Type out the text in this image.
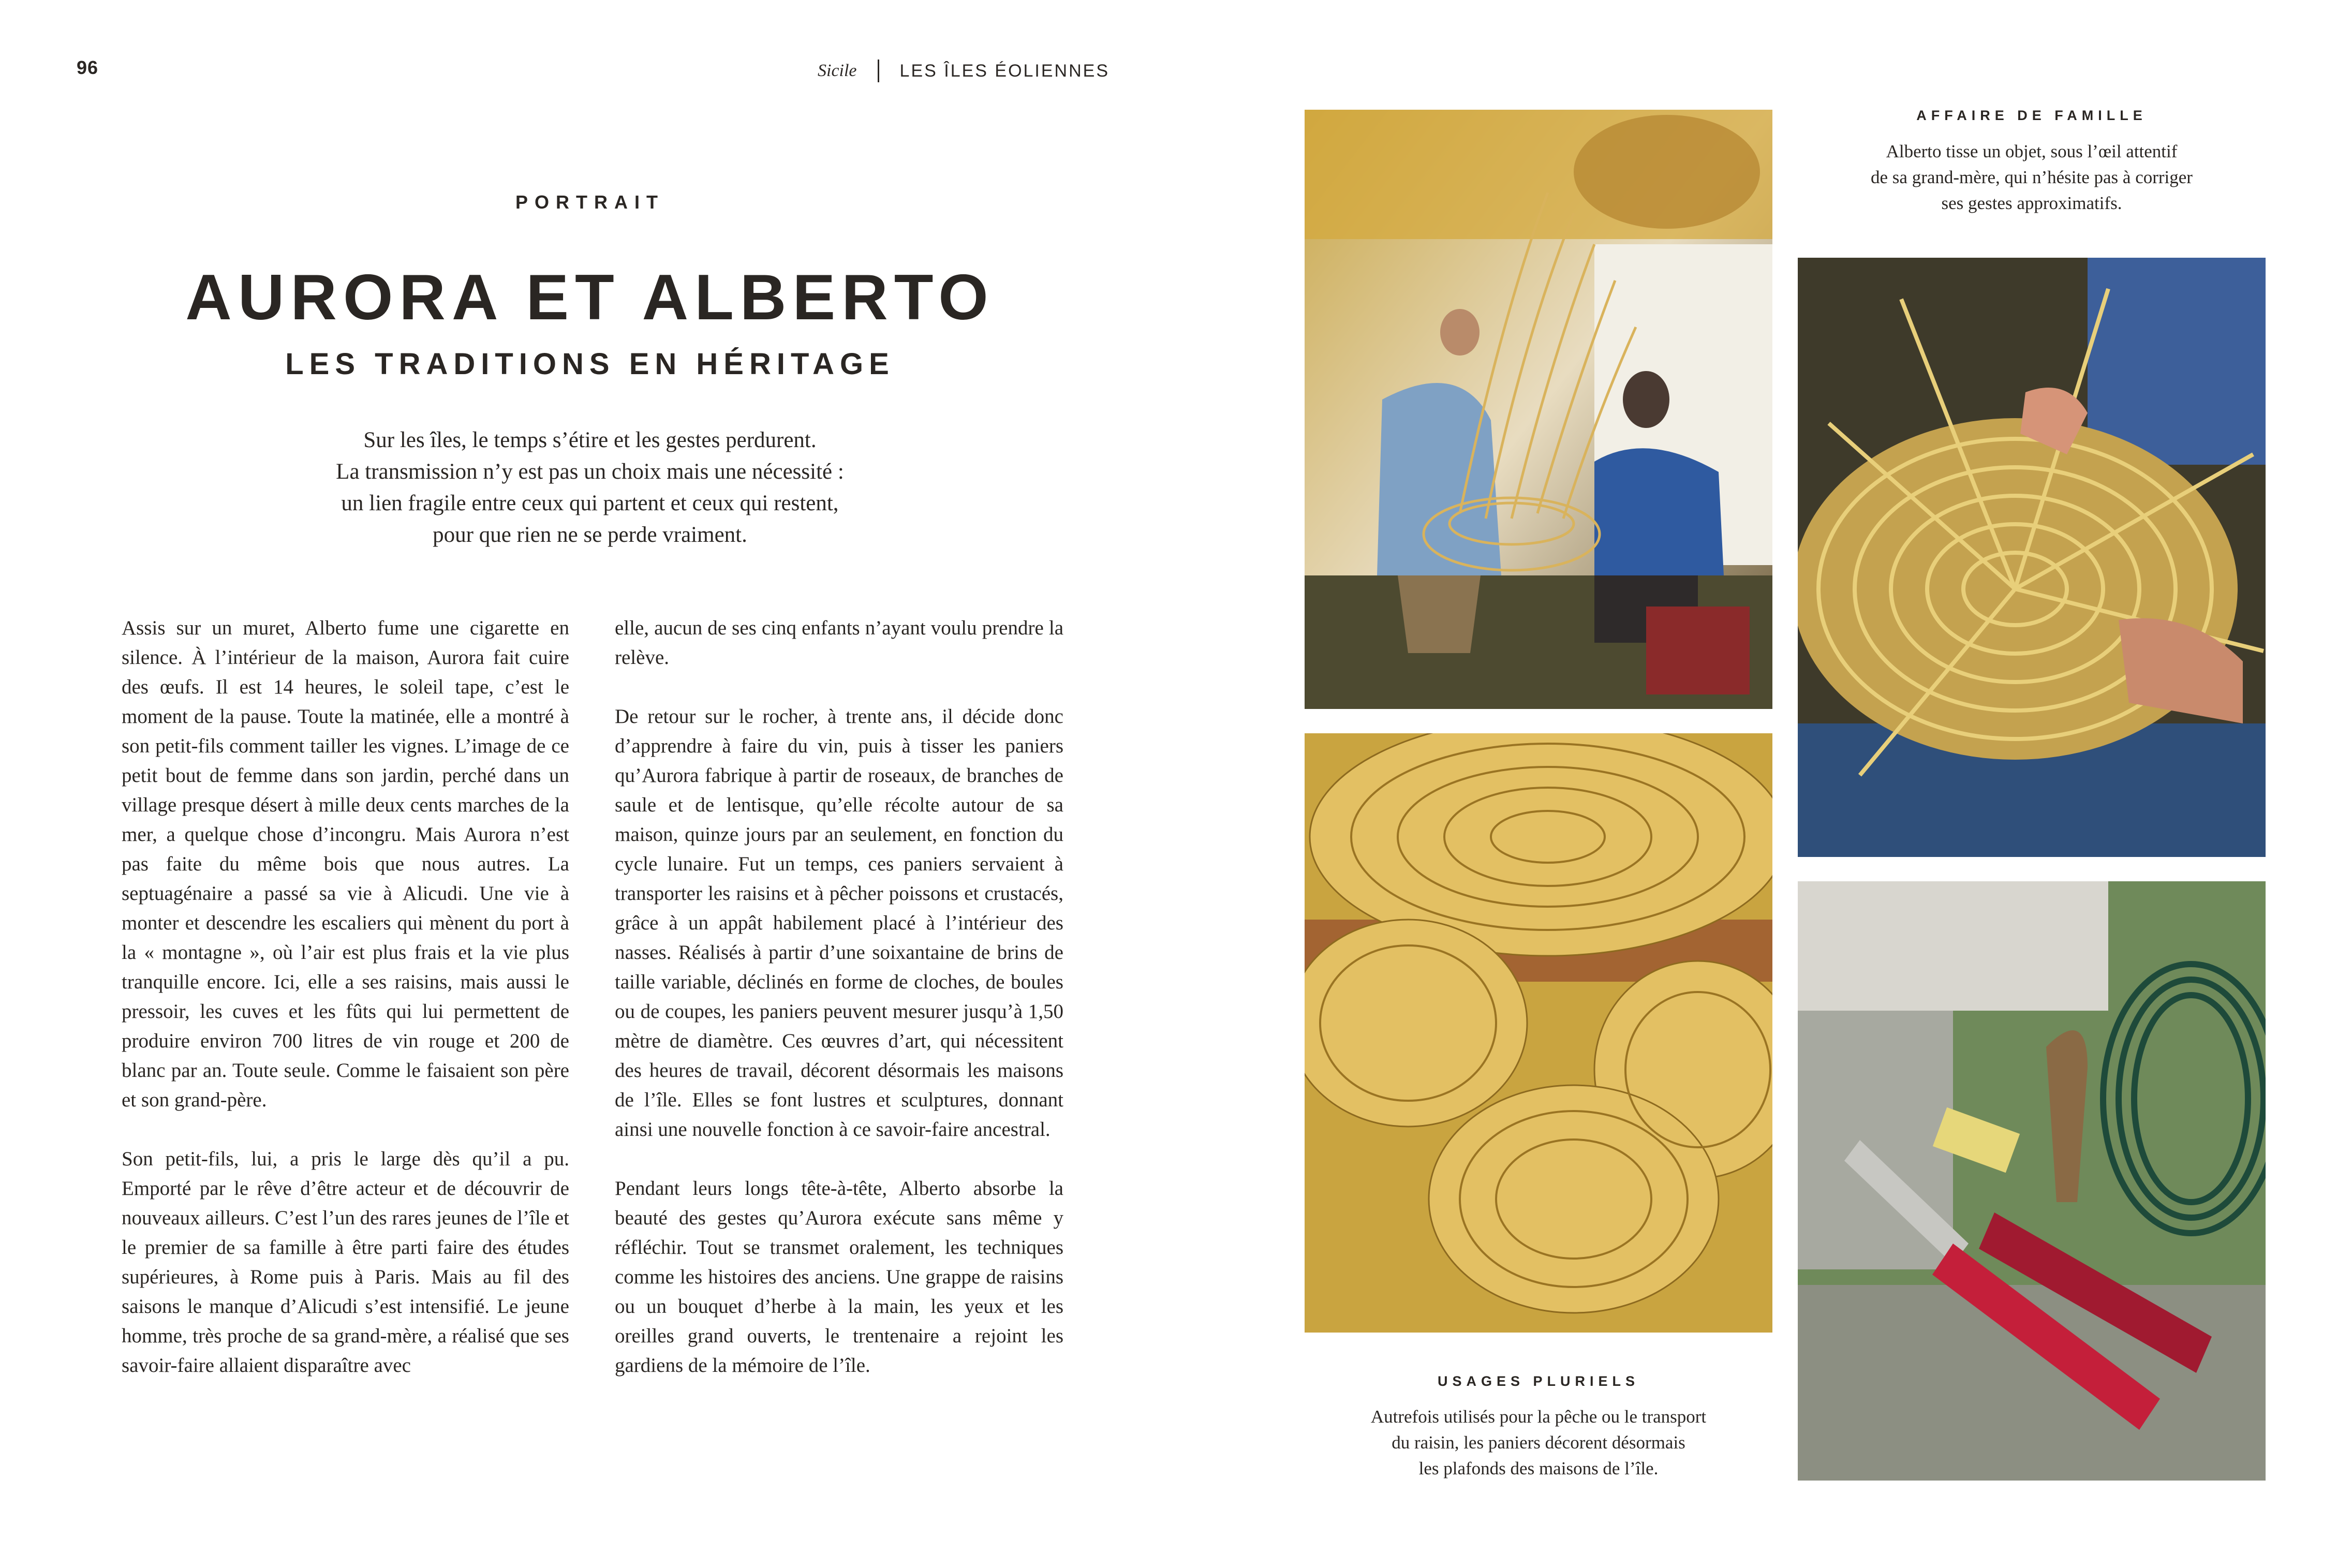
96	Sicile LES ÎLES ÉOLIENNES
PORTRAIT
AURORA ET ALBERTO
LES TRADITIONS EN HÉRITAGE
Sur les îles, le temps s’étire et les gestes perdurent.
La transmission n’y est pas un choix mais une nécessité :
un lien fragile entre ceux qui partent et ceux qui restent,
pour que rien ne se perde vraiment.

Assis sur un muret, Alberto fume une cigarette en silence. À l’intérieur de la maison, Aurora fait cuire des œufs. Il est 14 heures, le soleil tape, c’est le moment de la pause. Toute la matinée, elle a montré à son petit-fils comment tailler les vignes. L’image de ce petit bout de femme dans son jardin, perché dans un village presque désert à mille deux cents marches de la mer, a quelque chose d’incongru. Mais Aurora n’est pas faite du même bois que nous autres. La septuagénaire a passé sa vie à Alicudi. Une vie à monter et descendre les escaliers qui mènent du port à la « montagne », où l’air est plus frais et la vie plus tranquille encore. Ici, elle a ses raisins, mais aussi le pressoir, les cuves et les fûts qui lui permettent de produire environ 700 litres de vin rouge et 200 de blanc par an. Toute seule. Comme le faisaient son père et son grand-père.

Son petit-fils, lui, a pris le large dès qu’il a pu. Emporté par le rêve d’être acteur et de découvrir de nouveaux ailleurs. C’est l’un des rares jeunes de l’île et le premier de sa famille à être parti faire des études supérieures, à Rome puis à Paris. Mais au fil des saisons le manque d’Alicudi s’est intensifié. Le jeune homme, très proche de sa grand-mère, a réalisé que ses savoir-faire allaient disparaître avec

elle, aucun de ses cinq enfants n’ayant voulu prendre la relève.

De retour sur le rocher, à trente ans, il décide donc d’apprendre à faire du vin, puis à tisser les paniers qu’Aurora fabrique à partir de roseaux, de branches de saule et de lentisque, qu’elle récolte autour de sa maison, quinze jours par an seulement, en fonction du cycle lunaire. Fut un temps, ces paniers servaient à transporter les raisins et à pêcher poissons et crustacés, grâce à un appât habilement placé à l’intérieur des nasses. Réalisés à partir d’une soixantaine de brins de taille variable, déclinés en forme de cloches, de boules ou de coupes, les paniers peuvent mesurer jusqu’à 1,50 mètre de diamètre. Ces œuvres d’art, qui nécessitent des heures de travail, décorent désormais les maisons de l’île. Elles se font lustres et sculptures, donnant ainsi une nouvelle fonction à ce savoir-faire ancestral.

Pendant leurs longs tête-à-tête, Alberto absorbe la beauté des gestes qu’Aurora exécute sans même y réfléchir. Tout se transmet oralement, les techniques comme les histoires des anciens. Une grappe de raisins ou un bouquet d’herbe à la main, les yeux et les oreilles grand ouverts, le trentenaire a rejoint les gardiens de la mémoire de l’île.

AFFAIRE DE FAMILLE
Alberto tisse un objet, sous l’œil attentif
de sa grand-mère, qui n’hésite pas à corriger
ses gestes approximatifs.
USAGES PLURIELS
Autrefois utilisés pour la pêche ou le transport
du raisin, les paniers décorent désormais
les plafonds des maisons de l’île.
